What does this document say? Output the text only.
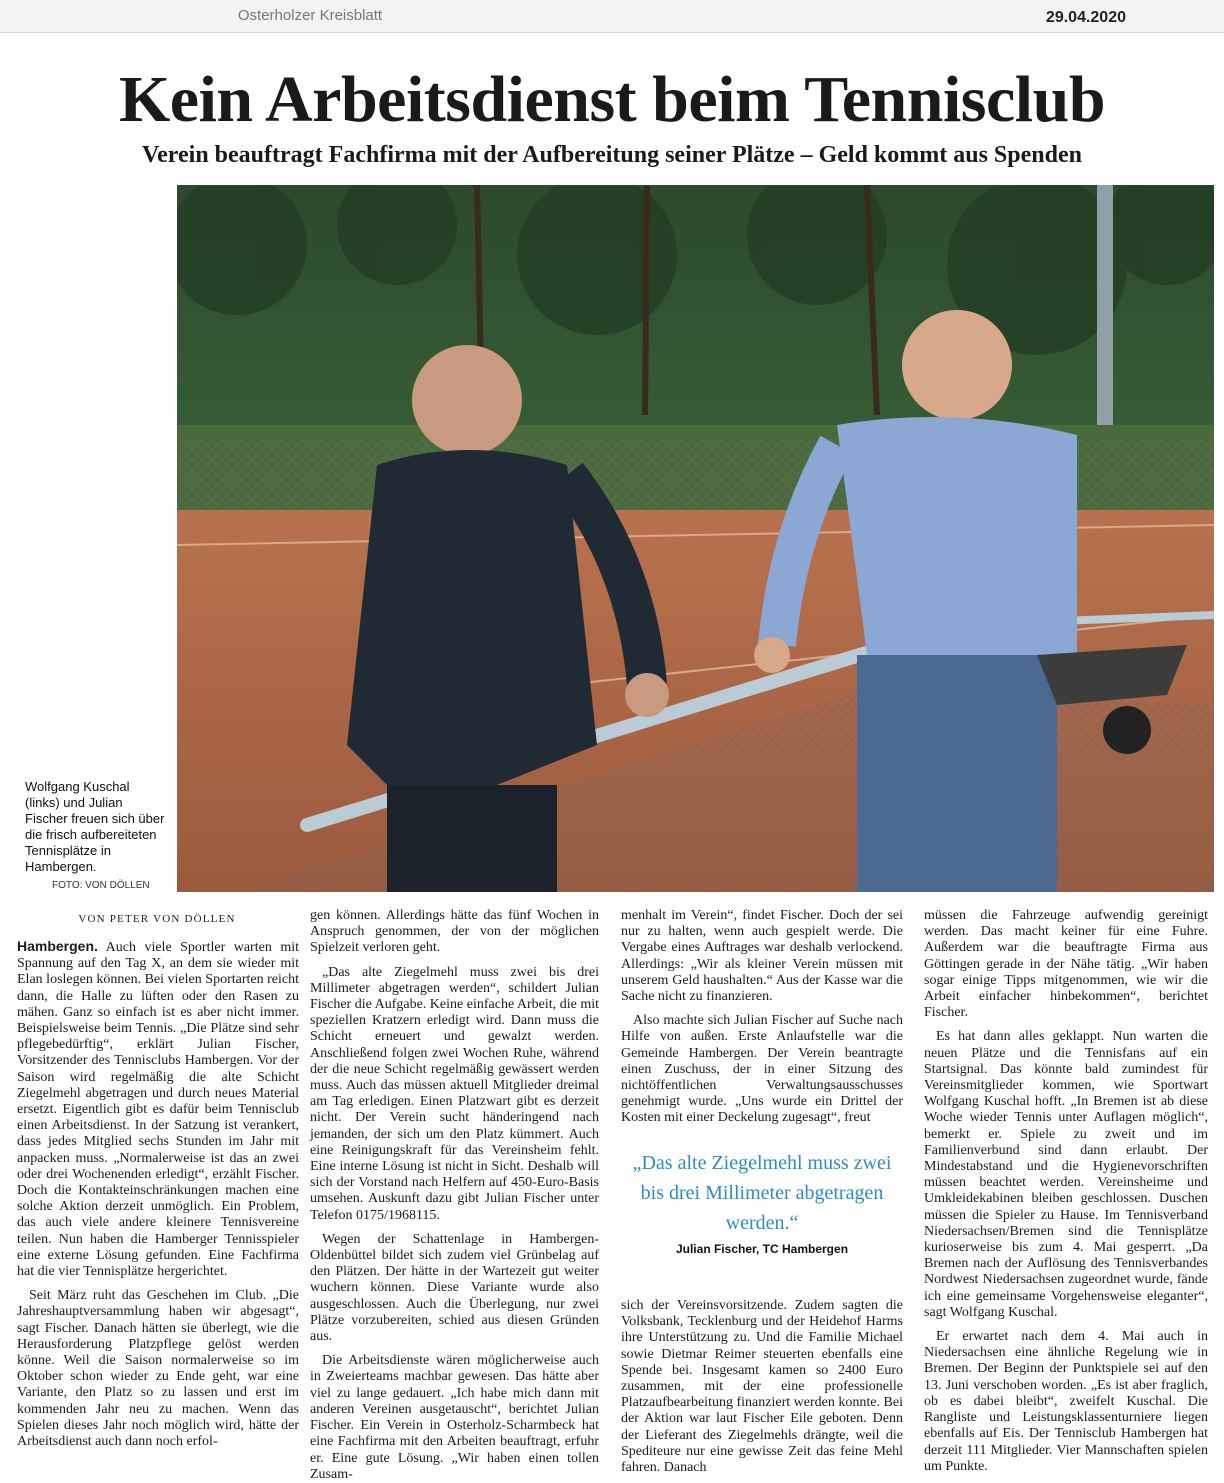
Osterholzer Kreisblatt	29.04.2020
Kein Arbeitsdienst beim Tennisclub
Verein beauftragt Fachfirma mit der Aufbereitung seiner Plätze – Geld kommt aus Spenden
Wolfgang Kuschal (links) und Julian Fischer freuen sich über die frisch aufbereiteten Tennisplätze in Hambergen.
FOTO: VON DÖLLEN
VON PETER VON DÖLLEN

Hambergen. Auch viele Sportler warten mit Spannung auf den Tag X, an dem sie wieder mit Elan loslegen können. Bei vielen Sportarten reicht dann, die Halle zu lüften oder den Rasen zu mähen. Ganz so einfach ist es aber nicht immer. Beispielsweise beim Tennis. „Die Plätze sind sehr pflegebedürftig“, erklärt Julian Fischer, Vorsitzender des Tennisclubs Hambergen. Vor der Saison wird regelmäßig die alte Schicht Ziegelmehl abgetragen und durch neues Material ersetzt. Eigentlich gibt es dafür beim Tennisclub einen Arbeitsdienst. In der Satzung ist verankert, dass jedes Mitglied sechs Stunden im Jahr mit anpacken muss. „Normalerweise ist das an zwei oder drei Wochenenden erledigt“, erzählt Fischer. Doch die Kontakteinschränkungen machen eine solche Aktion derzeit unmöglich. Ein Problem, das auch viele andere kleinere Tennisvereine teilen. Nun haben die Hamberger Tennisspieler eine externe Lösung gefunden. Eine Fachfirma hat die vier Tennisplätze hergerichtet.

Seit März ruht das Geschehen im Club. „Die Jahreshauptversammlung haben wir abgesagt“, sagt Fischer. Danach hätten sie überlegt, wie die Herausforderung Platzpflege gelöst werden könne. Weil die Saison normalerweise so im Oktober schon wieder zu Ende geht, war eine Variante, den Platz so zu lassen und erst im kommenden Jahr neu zu machen. Wenn das Spielen dieses Jahr noch möglich wird, hätte der Arbeitsdienst auch dann noch erfol-

gen können. Allerdings hätte das fünf Wochen in Anspruch genommen, der von der möglichen Spielzeit verloren geht.

„Das alte Ziegelmehl muss zwei bis drei Millimeter abgetragen werden“, schildert Julian Fischer die Aufgabe. Keine einfache Arbeit, die mit speziellen Kratzern erledigt wird. Dann muss die Schicht erneuert und gewalzt werden. Anschließend folgen zwei Wochen Ruhe, während der die neue Schicht regelmäßig gewässert werden muss. Auch das müssen aktuell Mitglieder dreimal am Tag erledigen. Einen Platzwart gibt es derzeit nicht. Der Verein sucht händeringend nach jemanden, der sich um den Platz kümmert. Auch eine Reinigungskraft für das Vereinsheim fehlt. Eine interne Lösung ist nicht in Sicht. Deshalb will sich der Vorstand nach Helfern auf 450-Euro-Basis umsehen. Auskunft dazu gibt Julian Fischer unter Telefon 0175/1968115.

Wegen der Schattenlage in Hambergen-Oldenbüttel bildet sich zudem viel Grünbelag auf den Plätzen. Der hätte in der Wartezeit gut weiter wuchern können. Diese Variante wurde also ausgeschlossen. Auch die Überlegung, nur zwei Plätze vorzubereiten, schied aus diesen Gründen aus.

Die Arbeitsdienste wären möglicherweise auch in Zweierteams machbar gewesen. Das hätte aber viel zu lange gedauert. „Ich habe mich dann mit anderen Vereinen ausgetauscht“, berichtet Julian Fischer. Ein Verein in Osterholz-Scharmbeck hat eine Fachfirma mit den Arbeiten beauftragt, erfuhr er. Eine gute Lösung. „Wir haben einen tollen Zusam-

menhalt im Verein“, findet Fischer. Doch der sei nur zu halten, wenn auch gespielt werde. Die Vergabe eines Auftrages war deshalb verlockend. Allerdings: „Wir als kleiner Verein müssen mit unserem Geld haushalten.“ Aus der Kasse war die Sache nicht zu finanzieren.

Also machte sich Julian Fischer auf Suche nach Hilfe von außen. Erste Anlaufstelle war die Gemeinde Hambergen. Der Verein beantragte einen Zuschuss, der in einer Sitzung des nichtöffentlichen Verwaltungsausschusses genehmigt wurde. „Uns wurde ein Drittel der Kosten mit einer Deckelung zugesagt“, freut

„Das alte Ziegelmehl muss zwei bis drei Millimeter abgetragen werden.“

Julian Fischer, TC Hambergen

sich der Vereinsvorsitzende. Zudem sagten die Volksbank, Tecklenburg und der Heidehof Harms ihre Unterstützung zu. Und die Familie Michael sowie Dietmar Reimer steuerten ebenfalls eine Spende bei. Insgesamt kamen so 2400 Euro zusammen, mit der eine professionelle Platzaufbearbeitung finanziert werden konnte. Bei der Aktion war laut Fischer Eile geboten. Denn der Lieferant des Ziegelmehls drängte, weil die Spediteure nur eine gewisse Zeit das feine Mehl fahren. Danach

müssen die Fahrzeuge aufwendig gereinigt werden. Das macht keiner für eine Fuhre. Außerdem war die beauftragte Firma aus Göttingen gerade in der Nähe tätig. „Wir haben sogar einige Tipps mitgenommen, wie wir die Arbeit einfacher hinbekommen“, berichtet Fischer.

Es hat dann alles geklappt. Nun warten die neuen Plätze und die Tennisfans auf ein Startsignal. Das könnte bald zumindest für Vereinsmitglieder kommen, wie Sportwart Wolfgang Kuschal hofft. „In Bremen ist ab diese Woche wieder Tennis unter Auflagen möglich“, bemerkt er. Spiele zu zweit und im Familienverbund sind dann erlaubt. Der Mindestabstand und die Hygienevorschriften müssen beachtet werden. Vereinsheime und Umkleidekabinen bleiben geschlossen. Duschen müssen die Spieler zu Hause. Im Tennisverband Niedersachsen/Bremen sind die Tennisplätze kurioserweise bis zum 4. Mai gesperrt. „Da Bremen nach der Auflösung des Tennisverbandes Nordwest Niedersachsen zugeordnet wurde, fände ich eine gemeinsame Vorgehensweise eleganter“, sagt Wolfgang Kuschal.

Er erwartet nach dem 4. Mai auch in Niedersachsen eine ähnliche Regelung wie in Bremen. Der Beginn der Punktspiele sei auf den 13. Juni verschoben worden. „Es ist aber fraglich, ob es dabei bleibt“, zweifelt Kuschal. Die Rangliste und Leistungsklassenturniere liegen ebenfalls auf Eis. Der Tennisclub Hambergen hat derzeit 111 Mitglieder. Vier Mannschaften spielen um Punkte.
